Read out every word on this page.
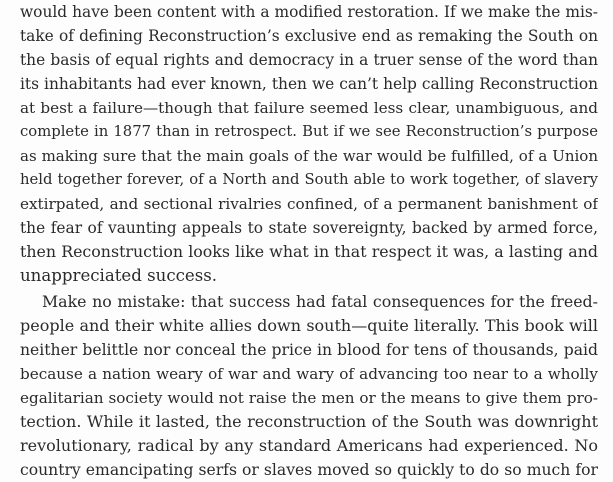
would have been content with a modified restoration. If we make the mis-
take of defining Reconstruction’s exclusive end as remaking the South on
the basis of equal rights and democracy in a truer sense of the word than
its inhabitants had ever known, then we can’t help calling Reconstruction
at best a failure—though that failure seemed less clear, unambiguous, and
complete in 1877 than in retrospect. But if we see Reconstruction’s purpose
as making sure that the main goals of the war would be fulfilled, of a Union
held together forever, of a North and South able to work together, of slavery
extirpated, and sectional rivalries confined, of a permanent banishment of
the fear of vaunting appeals to state sovereignty, backed by armed force,
then Reconstruction looks like what in that respect it was, a lasting and
unappreciated success.
Make no mistake: that success had fatal consequences for the freed-
people and their white allies down south—quite literally. This book will
neither belittle nor conceal the price in blood for tens of thousands, paid
because a nation weary of war and wary of advancing too near to a wholly
egalitarian society would not raise the men or the means to give them pro-
tection. While it lasted, the reconstruction of the South was downright
revolutionary, radical by any standard Americans had experienced. No
country emancipating serfs or slaves moved so quickly to do so much for
